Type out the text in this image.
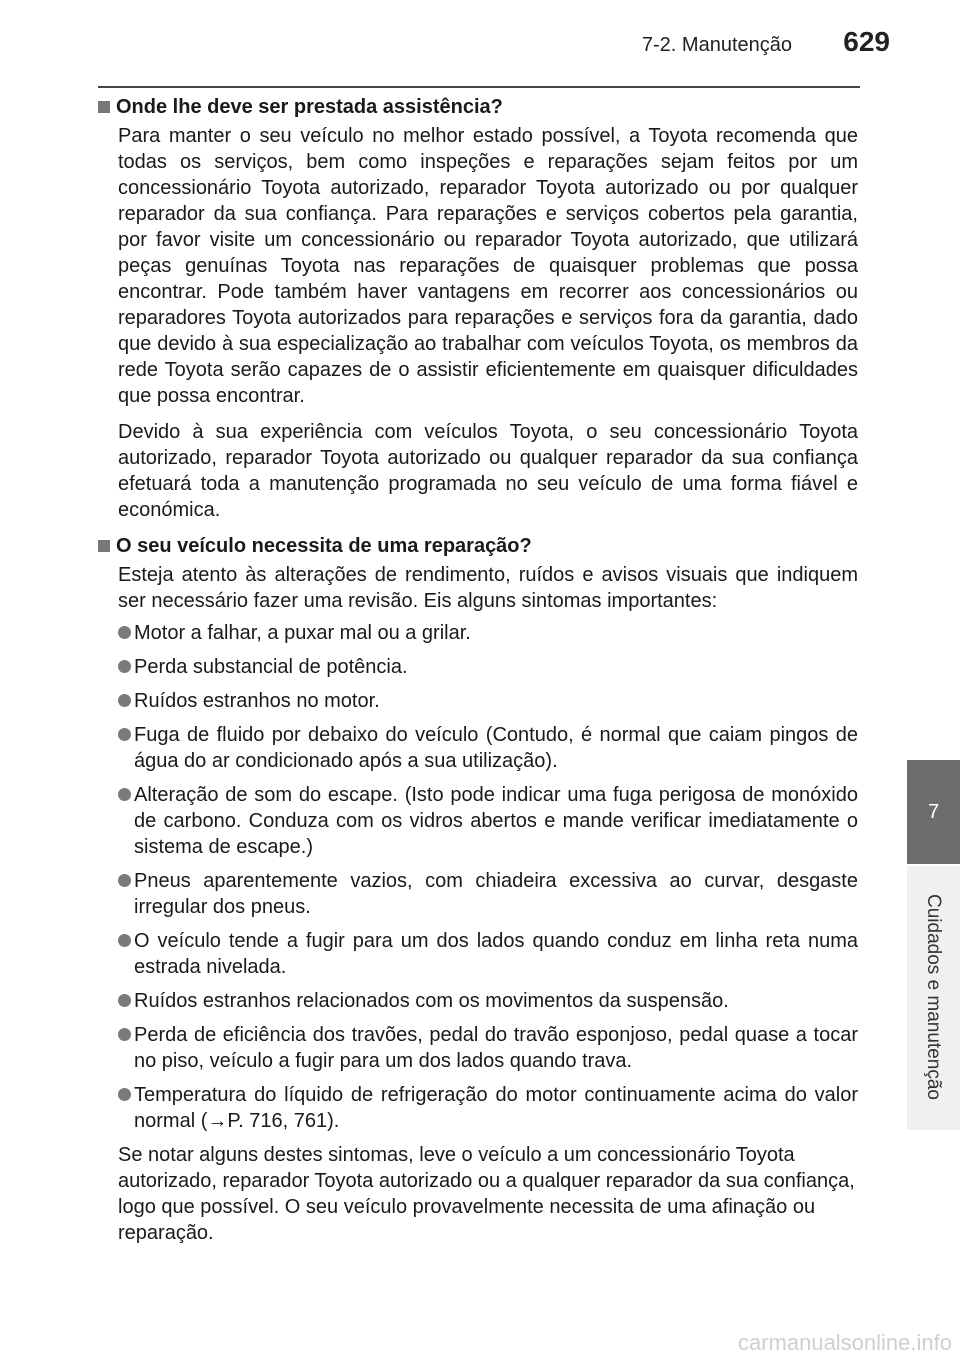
7-2. Manutenção 629
7
Cuidados e manutenção
Onde lhe deve ser prestada assistência?

Para manter o seu veículo no melhor estado possível, a Toyota recomenda que todas os serviços, bem como inspeções e reparações sejam feitos por um concessionário Toyota autorizado, reparador Toyota autorizado ou por qualquer reparador da sua confiança. Para reparações e serviços cobertos pela garantia, por favor visite um concessionário ou reparador Toyota autorizado, que utilizará peças genuínas Toyota nas reparações de quaisquer problemas que possa encontrar. Pode também haver vantagens em recorrer aos concessionários ou reparadores Toyota autorizados para reparações e serviços fora da garantia, dado que devido à sua especialização ao trabalhar com veículos Toyota, os membros da rede Toyota serão capazes de o assistir eficientemente em quaisquer dificuldades que possa encontrar.

Devido à sua experiência com veículos Toyota, o seu concessionário Toyota autorizado, reparador Toyota autorizado ou qualquer reparador da sua confiança efetuará toda a manutenção programada no seu veículo de uma forma fiável e económica.

O seu veículo necessita de uma reparação?

Esteja atento às alterações de rendimento, ruídos e avisos visuais que indiquem ser necessário fazer uma revisão. Eis alguns sintomas importantes:

Motor a falhar, a puxar mal ou a grilar.
Perda substancial de potência.
Ruídos estranhos no motor.
Fuga de fluido por debaixo do veículo (Contudo, é normal que caiam pingos de água do ar condicionado após a sua utilização).
Alteração de som do escape. (Isto pode indicar uma fuga perigosa de monóxido de carbono. Conduza com os vidros abertos e mande verificar imediatamente o sistema de escape.)
Pneus aparentemente vazios, com chiadeira excessiva ao curvar, desgaste irregular dos pneus.
O veículo tende a fugir para um dos lados quando conduz em linha reta numa estrada nivelada.
Ruídos estranhos relacionados com os movimentos da suspensão.
Perda de eficiência dos travões, pedal do travão esponjoso, pedal quase a tocar no piso, veículo a fugir para um dos lados quando trava.
Temperatura do líquido de refrigeração do motor continuamente acima do valor normal (→P. 716, 761).

Se notar alguns destes sintomas, leve o veículo a um concessionário Toyota autorizado, reparador Toyota autorizado ou a qualquer reparador da sua confiança, logo que possível. O seu veículo provavelmente necessita de uma afinação ou reparação.

carmanualsonline.info
